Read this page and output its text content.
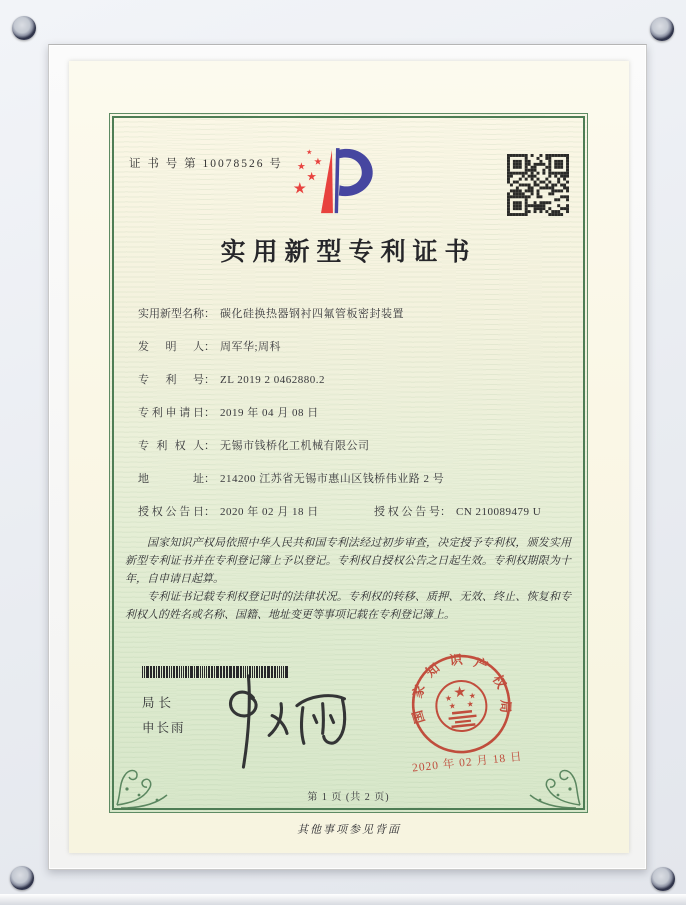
证 书 号 第 10078526 号
实用新型专利证书
实用新型名称： 碳化硅换热器钢衬四氟管板密封装置
发明人： 周军华;周科
专利号： ZL 2019 2 0462880.2
专利申请日： 2019 年 04 月 08 日
专利权人： 无锡市钱桥化工机械有限公司
地址： 214200 江苏省无锡市惠山区钱桥伟业路 2 号
授权公告日： 2020 年 02 月 18 日	授权公告号： CN 210089479 U

国家知识产权局依照中华人民共和国专利法经过初步审查，决定授予专利权，颁发实用新型专利证书并在专利登记簿上予以登记。专利权自授权公告之日起生效。专利权期限为十年，自申请日起算。

专利证书记载专利权登记时的法律状况。专利权的转移、质押、无效、终止、恢复和专利权人的姓名或名称、国籍、地址变更等事项记载在专利登记簿上。

局长
申长雨
国家知识产权局
2020 年 02 月 18 日
第 1 页 (共 2 页)
其他事项参见背面
